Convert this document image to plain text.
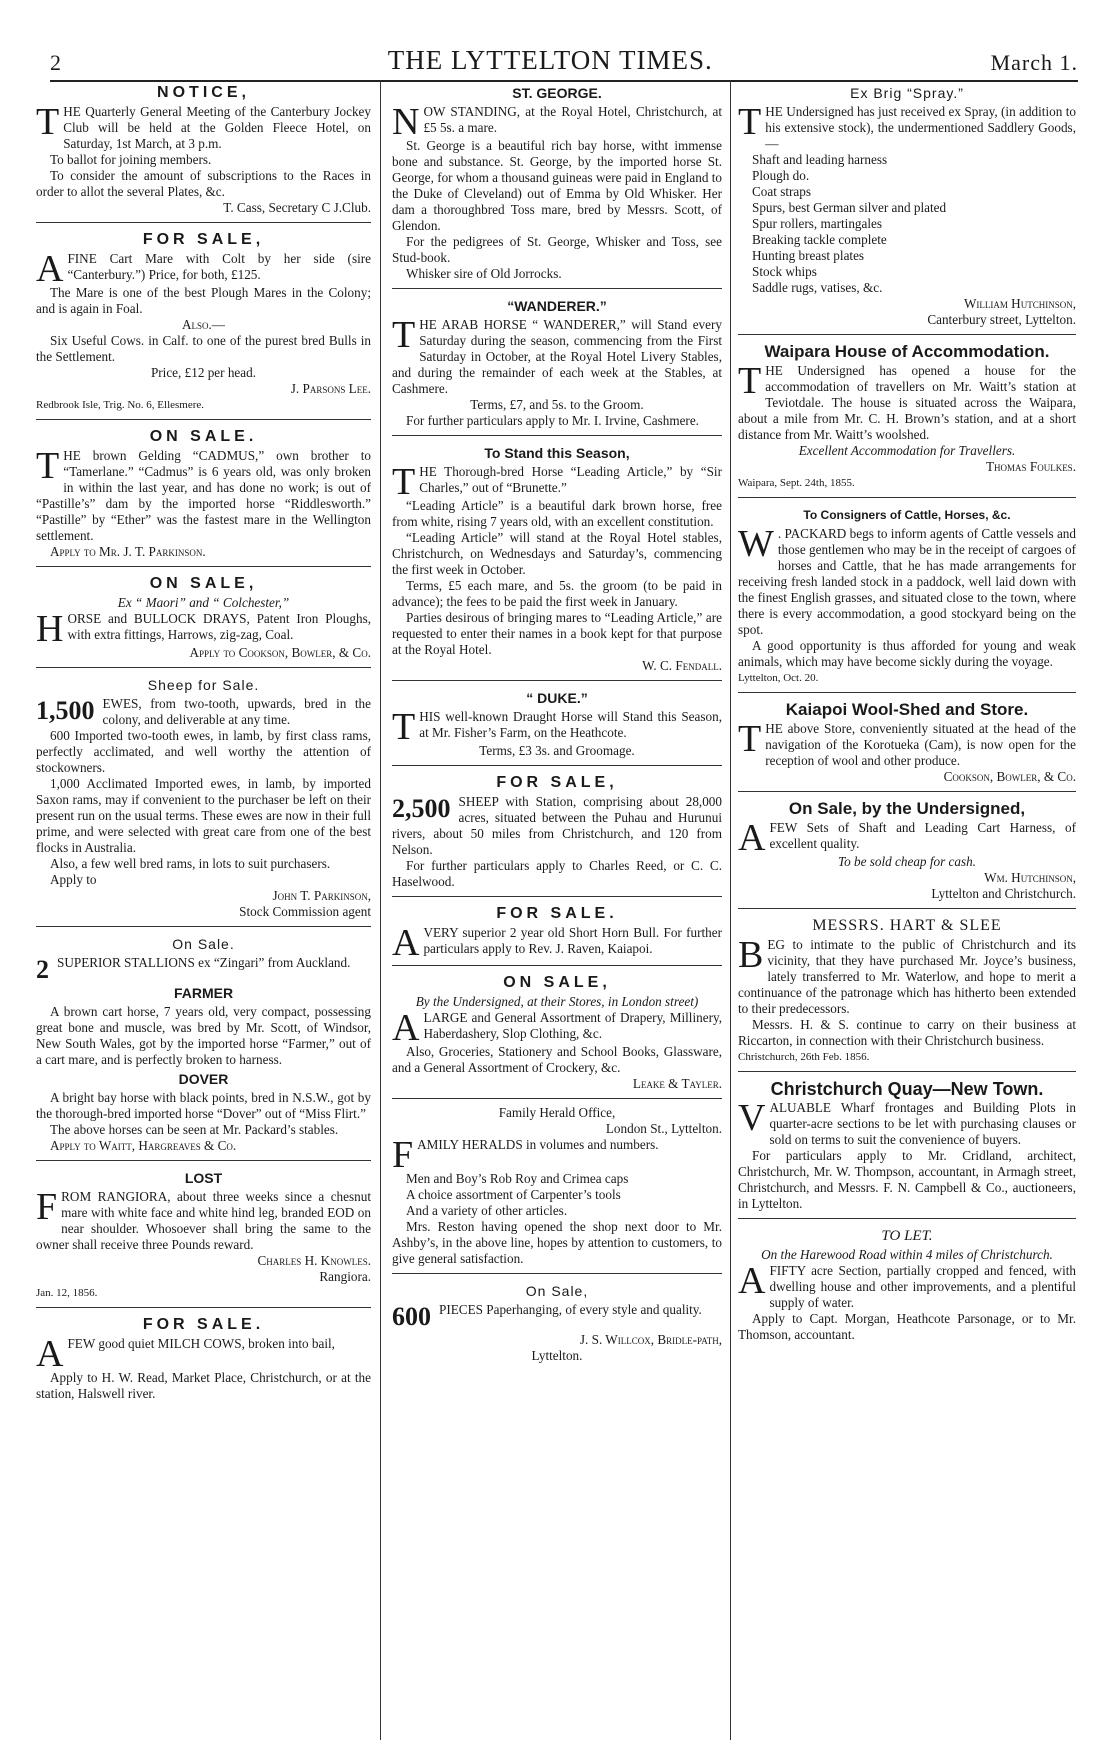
2	THE LYTTELTON TIMES.	March 1.
NOTICE,

THE Quarterly General Meeting of the Canterbury Jockey Club will be held at the Golden Fleece Hotel, on Saturday, 1st March, at 3 p.m.

To ballot for joining members.

To consider the amount of subscriptions to the Races in order to allot the several Plates, &c.

T. Cass, Secretary C J.Club.

FOR SALE,

AFINE Cart Mare with Colt by her side (sire “Canterbury.”) Price, for both, £125.

The Mare is one of the best Plough Mares in the Colony; and is again in Foal.

Also.—

Six Useful Cows. in Calf. to one of the purest bred Bulls in the Settlement.

Price, £12 per head.

J. Parsons Lee.

Redbrook Isle, Trig. No. 6, Ellesmere.

ON SALE.

THE brown Gelding “CADMUS,” own brother to “Tamerlane.” “Cadmus” is 6 years old, was only broken in within the last year, and has done no work; is out of “Pastille’s” dam by the imported horse “Riddlesworth.” “Pastille” by “Ether” was the fastest mare in the Wellington settlement.

Apply to Mr. J. T. Parkinson.

ON SALE,

Ex “ Maori” and “ Colchester,”

HORSE and BULLOCK DRAYS, Patent Iron Ploughs, with extra fittings, Harrows, zig-zag, Coal.

Apply to Cookson, Bowler, & Co.

Sheep for Sale.

1,500 EWES, from two-tooth, upwards, bred in the colony, and deliverable at any time.

600 Imported two-tooth ewes, in lamb, by first class rams, perfectly acclimated, and well worthy the attention of stockowners.

1,000 Acclimated Imported ewes, in lamb, by imported Saxon rams, may if convenient to the purchaser be left on their present run on the usual terms. These ewes are now in their full prime, and were selected with great care from one of the best flocks in Australia.

Also, a few well bred rams, in lots to suit purchasers.

Apply to

John T. Parkinson,

Stock Commission agent

On Sale.

2 SUPERIOR STALLIONS ex “Zingari” from Auckland.

FARMER

A brown cart horse, 7 years old, very compact, possessing great bone and muscle, was bred by Mr. Scott, of Windsor, New South Wales, got by the imported horse “Farmer,” out of a cart mare, and is perfectly broken to harness.

DOVER

A bright bay horse with black points, bred in N.S.W., got by the thorough-bred imported horse “Dover” out of “Miss Flirt.”

The above horses can be seen at Mr. Packard’s stables.

Apply to Waitt, Hargreaves & Co.

LOST

FROM RANGIORA, about three weeks since a chesnut mare with white face and white hind leg, branded EOD on near shoulder. Whosoever shall bring the same to the owner shall receive three Pounds reward.

Charles H. Knowles.

Rangiora.

Jan. 12, 1856.

FOR SALE.

AFEW good quiet MILCH COWS, broken into bail,

Apply to H. W. Read, Market Place, Christchurch, or at the station, Halswell river.

ST. GEORGE.

NOW STANDING, at the Royal Hotel, Christchurch, at £5 5s. a mare.

St. George is a beautiful rich bay horse, witht immense bone and substance. St. George, by the imported horse St. George, for whom a thousand guineas were paid in England to the Duke of Cleveland) out of Emma by Old Whisker. Her dam a thoroughbred Toss mare, bred by Messrs. Scott, of Glendon.

For the pedigrees of St. George, Whisker and Toss, see Stud-book.

Whisker sire of Old Jorrocks.

“WANDERER.”

THE ARAB HORSE “ WANDERER,” will Stand every Saturday during the season, commencing from the First Saturday in October, at the Royal Hotel Livery Stables, and during the remainder of each week at the Stables, at Cashmere.

Terms, £7, and 5s. to the Groom.

For further particulars apply to Mr. I. Irvine, Cashmere.

To Stand this Season,

THE Thorough-bred Horse “Leading Article,” by “Sir Charles,” out of “Brunette.”

“Leading Article” is a beautiful dark brown horse, free from white, rising 7 years old, with an excellent constitution.

“Leading Article” will stand at the Royal Hotel stables, Christchurch, on Wednesdays and Saturday’s, commencing the first week in October.

Terms, £5 each mare, and 5s. the groom (to be paid in advance); the fees to be paid the first week in January.

Parties desirous of bringing mares to “Leading Article,” are requested to enter their names in a book kept for that purpose at the Royal Hotel.

W. C. Fendall.

“ DUKE.”

THIS well-known Draught Horse will Stand this Season, at Mr. Fisher’s Farm, on the Heathcote.

Terms, £3 3s. and Groomage.

FOR SALE,

2,500 SHEEP with Station, comprising about 28,000 acres, situated between the Puhau and Hurunui rivers, about 50 miles from Christchurch, and 120 from Nelson.

For further particulars apply to Charles Reed, or C. C. Haselwood.

FOR SALE.

AVERY superior 2 year old Short Horn Bull. For further particulars apply to Rev. J. Raven, Kaiapoi.

ON SALE,

By the Undersigned, at their Stores, in London street)

ALARGE and General Assortment of Drapery, Millinery, Haberdashery, Slop Clothing, &c.

Also, Groceries, Stationery and School Books, Glassware, and a General Assortment of Crockery, &c.

Leake & Tayler.

Family Herald Office,

London St., Lyttelton.

FAMILY HERALDS in volumes and numbers.

Men and Boy’s Rob Roy and Crimea caps

A choice assortment of Carpenter’s tools

And a variety of other articles.

Mrs. Reston having opened the shop next door to Mr. Ashby’s, in the above line, hopes by attention to customers, to give general satisfaction.

On Sale,

600 PIECES Paperhanging, of every style and quality.

J. S. Willcox, Bridle-path,

Lyttelton.

Ex Brig “Spray.”

THE Undersigned has just received ex Spray, (in addition to his extensive stock), the undermentioned Saddlery Goods,—

Shaft and leading harness

Plough do.

Coat straps

Spurs, best German silver and plated

Spur rollers, martingales

Breaking tackle complete

Hunting breast plates

Stock whips

Saddle rugs, vatises, &c.

William Hutchinson,

Canterbury street, Lyttelton.

Waipara House of Accommodation.

THE Undersigned has opened a house for the accommodation of travellers on Mr. Waitt’s station at Teviotdale. The house is situated across the Waipara, about a mile from Mr. C. H. Brown’s station, and at a short distance from Mr. Waitt’s woolshed.

Excellent Accommodation for Travellers.

Thomas Foulkes.

Waipara, Sept. 24th, 1855.

To Consigners of Cattle, Horses, &c.

W . PACKARD begs to inform agents of Cattle vessels and those gentlemen who may be in the receipt of cargoes of horses and Cattle, that he has made arrangements for receiving fresh landed stock in a paddock, well laid down with the finest English grasses, and situated close to the town, where there is every accommodation, a good stockyard being on the spot.

A good opportunity is thus afforded for young and weak animals, which may have become sickly during the voyage.

Lyttelton, Oct. 20.

Kaiapoi Wool-Shed and Store.

THE above Store, conveniently situated at the head of the navigation of the Korotueka (Cam), is now open for the reception of wool and other produce.

Cookson, Bowler, & Co.

On Sale, by the Undersigned,

AFEW Sets of Shaft and Leading Cart Harness, of excellent quality.

To be sold cheap for cash.

Wm. Hutchinson,

Lyttelton and Christchurch.

MESSRS. HART & SLEE

BEG to intimate to the public of Christchurch and its vicinity, that they have purchased Mr. Joyce’s business, lately transferred to Mr. Waterlow, and hope to merit a continuance of the patronage which has hitherto been extended to their predecessors.

Messrs. H. & S. continue to carry on their business at Riccarton, in connection with their Christchurch business.

Christchurch, 26th Feb. 1856.

Christchurch Quay—New Town.

VALUABLE Wharf frontages and Building Plots in quarter-acre sections to be let with purchasing clauses or sold on terms to suit the convenience of buyers.

For particulars apply to Mr. Cridland, architect, Christchurch, Mr. W. Thompson, accountant, in Armagh street, Christchurch, and Messrs. F. N. Campbell & Co., auctioneers, in Lyttelton.

TO LET.

On the Harewood Road within 4 miles of Christchurch.

AFIFTY acre Section, partially cropped and fenced, with dwelling house and other improvements, and a plentiful supply of water.

Apply to Capt. Morgan, Heathcote Parsonage, or to Mr. Thomson, accountant.
